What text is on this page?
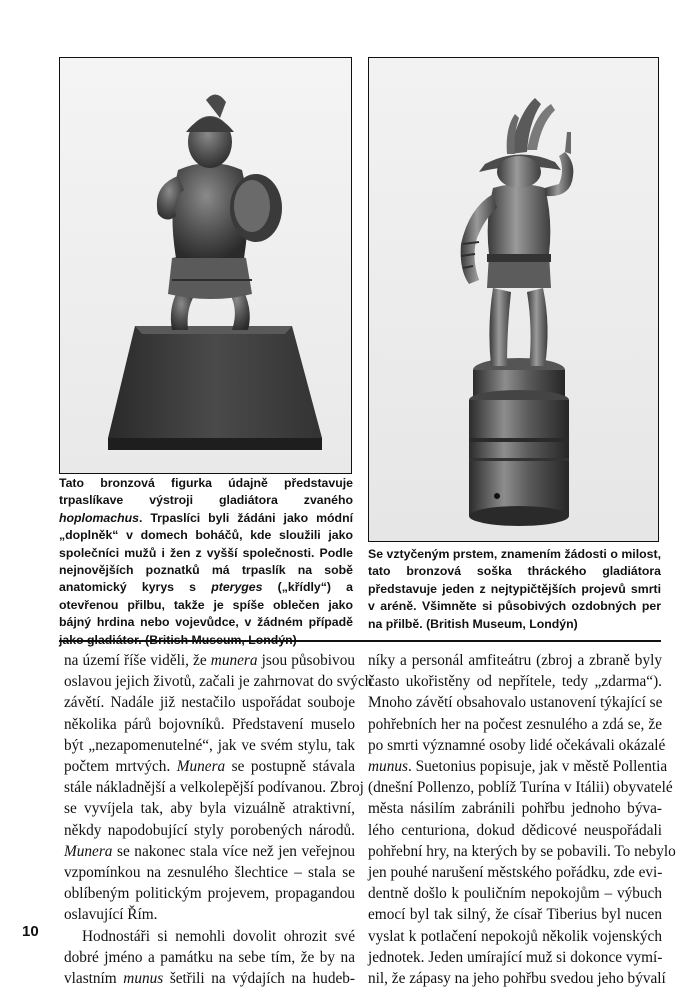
Tato bronzová figurka údajně představuje trpaslíkave výstroji gladiátora zvaného hoplomachus. Trpaslíci byli žádáni jako módní „doplněk“ v domech boháčů, kde sloužili jako společníci mužů i žen z vyšší společnosti. Podle nejnovějších poznatků má trpaslík na sobě anatomický kyrys s pteryges („křídly“) a otevřenou přilbu, takže je spíše oblečen jako bájný hrdina nebo vojevůdce, v žádném případě
Se vztyčeným prstem, znamením žádosti o milost, tato bronzová soška thráckého gladiátora představuje jeden z nejtypičtějších projevů smrti v aréně. Všimněte si působivých ozdobných per na přilbě. (British Museum, Londýn)
na území říše viděli, že munera jsou působivou
oslavou jejich životů, začali je zahrnovat do svých
závětí. Nadále již nestačilo uspořádat souboje
několika párů bojovníků. Představení muselo
být „nezapomenutelné“, jak ve svém stylu, tak
počtem mrtvých. Munera se postupně stávala
stále nákladnější a velkolepější podívanou. Zbroj
se vyvíjela tak, aby byla vizuálně atraktivní,
někdy napodobující styly porobených národů.
Munera se nakonec stala více než jen veřejnou
vzpomínkou na zesnulého šlechtice – stala se
oblíbeným politickým projevem, propagandou
oslavující Řím.
Hodnostáři si nemohli dovolit ohrozit své
dobré jméno a památku na sebe tím, že by na
vlastním munus šetřili na výdajích na hudeb-
níky a personál amfiteátru (zbroj a zbraně byly
často ukořistěny od nepřítele, tedy „zdarma“).
Mnoho závětí obsahovalo ustanovení týkající se
pohřebních her na počest zesnulého a zdá se, že
po smrti významné osoby lidé očekávali okázalé
munus. Suetonius popisuje, jak v městě Pollentia
(dnešní Pollenzo, poblíž Turína v Itálii) obyvatelé
města násilím zabránili pohřbu jednoho býva-
lého centuriona, dokud dědicové neuspořádali
pohřební hry, na kterých by se pobavili. To nebylo
jen pouhé narušení městského pořádku, zde evi-
dentně došlo k pouličním nepokojům – výbuch
emocí byl tak silný, že císař Tiberius byl nucen
vyslat k potlačení nepokojů několik vojenských
jednotek. Jeden umírající muž si dokonce vymí-
nil, že zápasy na jeho pohřbu svedou jeho bývalí
10
